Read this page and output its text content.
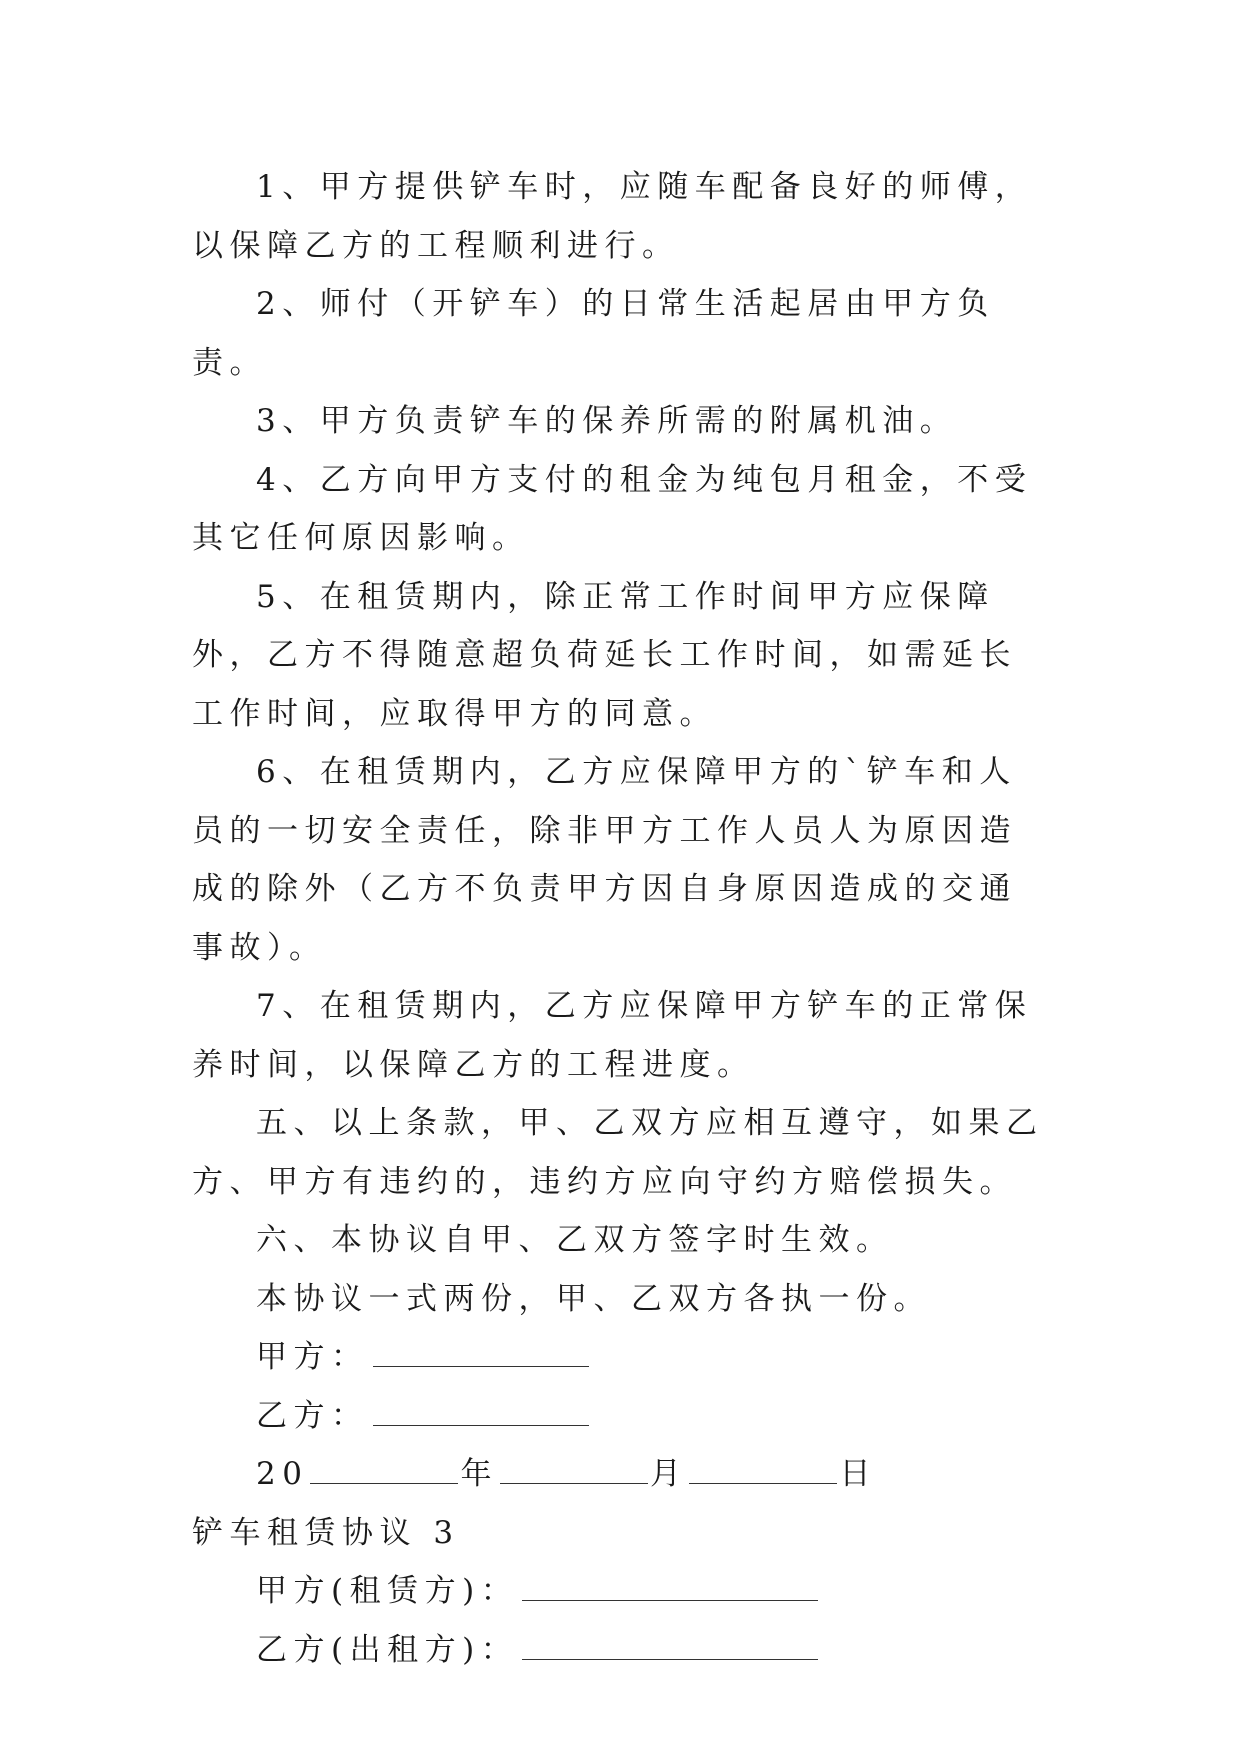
1、甲方提供铲车时，应随车配备良好的师傅，以保障乙方的工程顺利进行。

2、师付（开铲车）的日常生活起居由甲方负责。

3、甲方负责铲车的保养所需的附属机油。

4、乙方向甲方支付的租金为纯包月租金，不受其它任何原因影响。

5、在租赁期内，除正常工作时间甲方应保障外，乙方不得随意超负荷延长工作时间，如需延长工作时间，应取得甲方的同意。

6、在租赁期内，乙方应保障甲方的`铲车和人员的一切安全责任，除非甲方工作人员人为原因造成的除外（乙方不负责甲方因自身原因造成的交通事故）。

7、在租赁期内，乙方应保障甲方铲车的正常保养时间，以保障乙方的工程进度。

五、以上条款，甲、乙双方应相互遵守，如果乙方、甲方有违约的，违约方应向守约方赔偿损失。

六、本协议自甲、乙双方签字时生效。

本协议一式两份，甲、乙双方各执一份。

甲方：

乙方：

20	年	月	日

铲车租赁协议 3

甲方(租赁方)：

乙方(出租方)：
